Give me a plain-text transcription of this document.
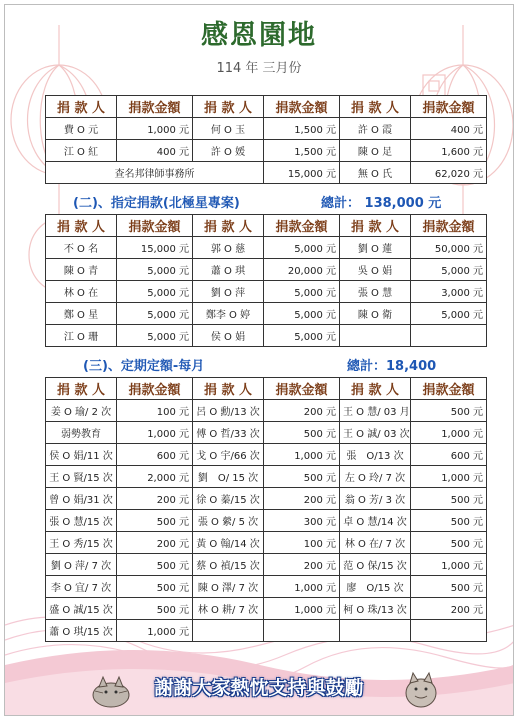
感恩園地
114 年 三月份
捐 款 人	捐款金額	捐 款 人	捐款金額	捐 款 人	捐款金額
費 O 元	1,000 元	何 O 玉	1,500 元	許 O 霞	400 元
江 O 紅	400 元	許 O 媛	1,500 元	陳 O 足	1,600 元
查名邦律師事務所			15,000 元	無 O 氏	62,020 元
(二)、指定捐款(北極星專案)	總計： 138,000 元
捐 款 人	捐款金額	捐 款 人	捐款金額	捐 款 人	捐款金額
不 O 名	15,000 元	郭 O 慈	5,000 元	劉 O 蓮	50,000 元
陳 O 青	5,000 元	蕭 O 琪	20,000 元	吳 O 娟	5,000 元
林 O 在	5,000 元	劉 O 萍	5,000 元	張 O 慧	3,000 元
鄭 O 星	5,000 元	鄭李 O 婷	5,000 元	陳 O 衛	5,000 元
江 O 珊	5,000 元	侯 O 娟	5,000 元		
(三)、定期定額-每月	總計：18,400
捐 款 人	捐款金額	捐 款 人	捐款金額	捐 款 人	捐款金額
姜 O 瑜/ 2 次	100 元	呂 O 勳/13 次	200 元	王 O 慧/ 03 月	500 元
弱勢教育	1,000 元	傅 O 哲/33 次	500 元	王 O 誠/ 03 次	1,000 元
侯 O 娟/11 次	600 元	戈 O 宇/66 次	1,000 元	張　O/13 次	600 元
王 O 賢/15 次	2,000 元	劉　O/ 15 次	500 元	左 O 玲/ 7 次	1,000 元
曾 O 娟/31 次	200 元	徐 O 蓁/15 次	200 元	翁 O 芳/ 3 次	500 元
張 O 慧/15 次	500 元	張 O 縈/ 5 次	300 元	卓 O 慧/14 次	500 元
王 O 秀/15 次	200 元	黃 O 翰/14 次	100 元	林 O 在/ 7 次	500 元
劉 O 萍/ 7 次	500 元	蔡 O 禎/15 次	200 元	范 O 保/15 次	1,000 元
李 O 宜/ 7 次	500 元	陳 O 澤/ 7 次	1,000 元	廖　O/15 次	500 元
盛 O 誠/15 次	500 元	林 O 耕/ 7 次	1,000 元	柯 O 珠/13 次	200 元
蕭 O 琪/15 次	1,000 元				
謝謝大家熱忱支持與鼓勵
